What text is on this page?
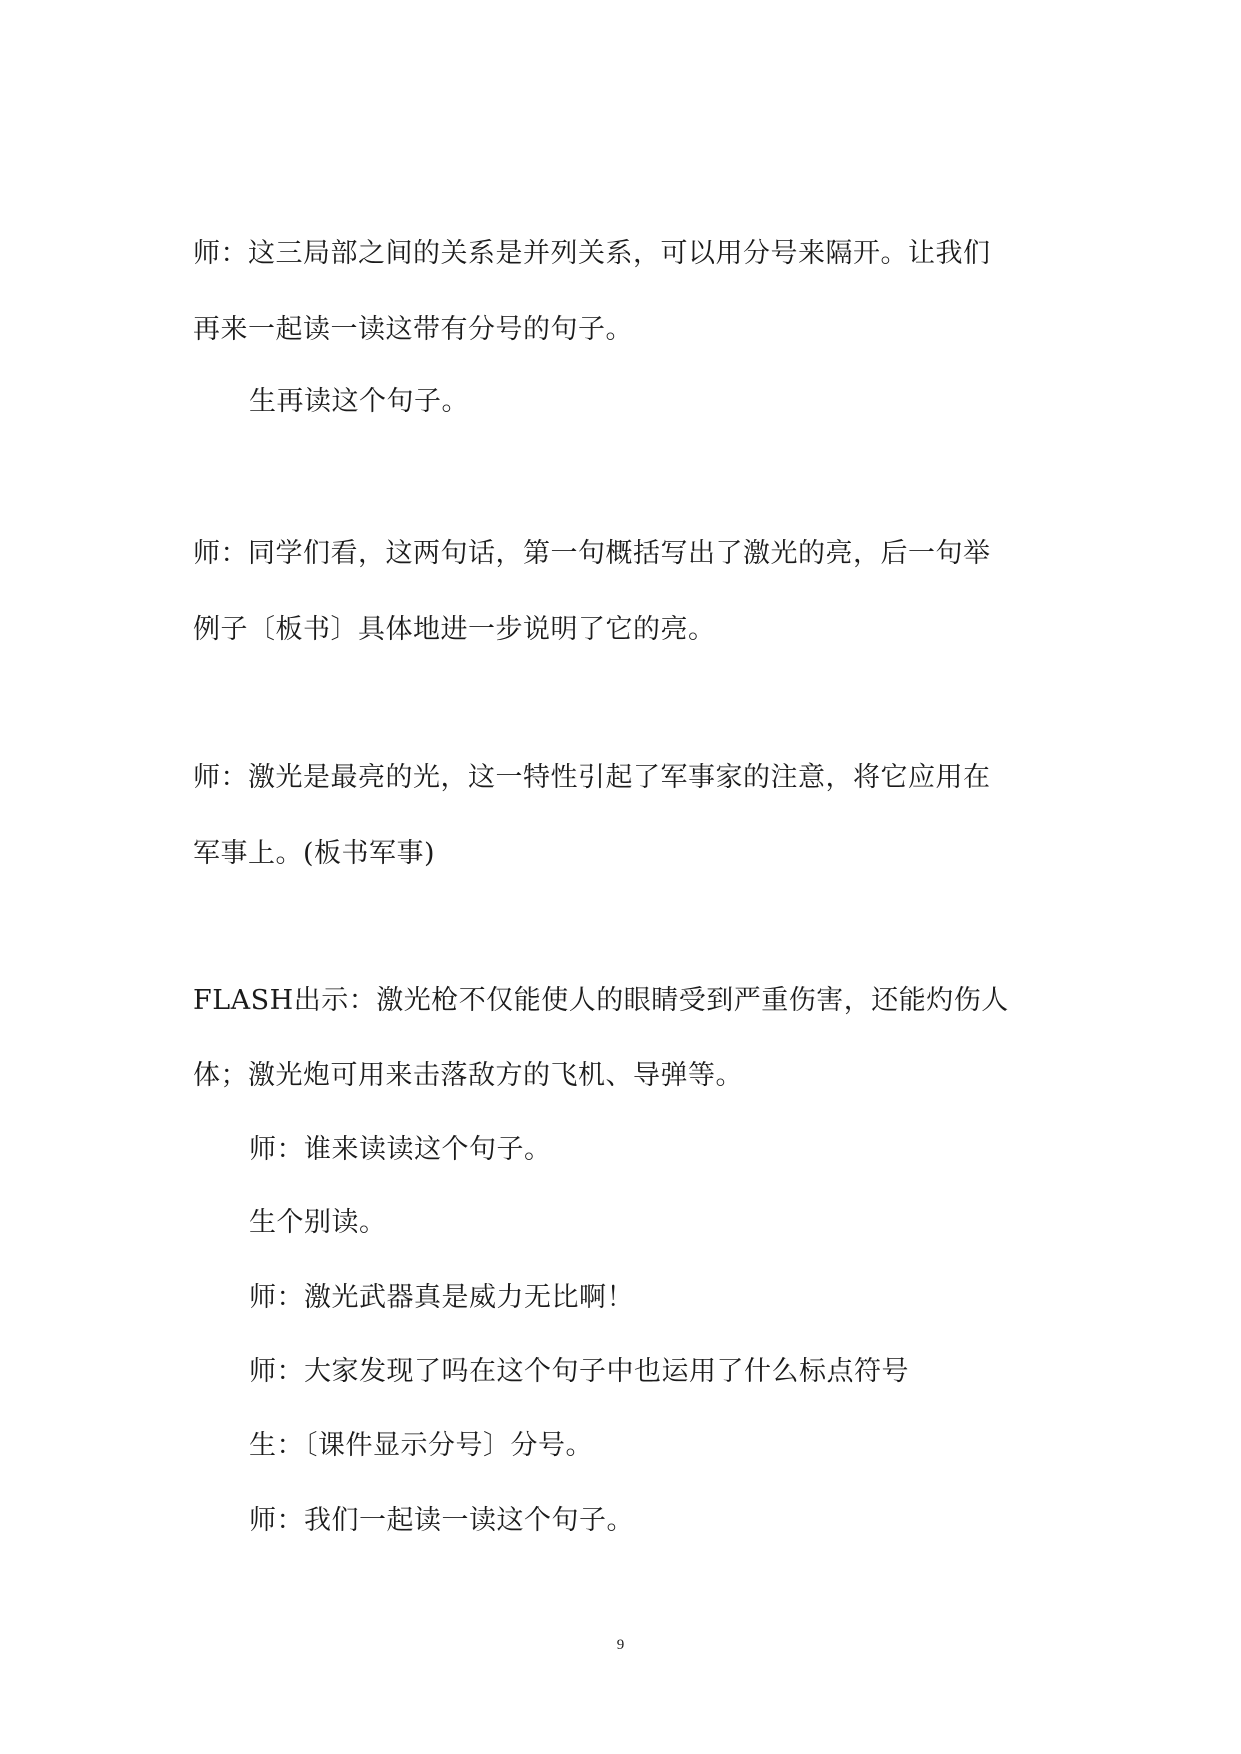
师：这三局部之间的关系是并列关系，可以用分号来隔开。让我们
再来一起读一读这带有分号的句子。
生再读这个句子。
师：同学们看，这两句话，第一句概括写出了激光的亮，后一句举
例子〔板书〕具体地进一步说明了它的亮。
师：激光是最亮的光，这一特性引起了军事家的注意，将它应用在
军事上。(板书军事)
FLASH出示：激光枪不仅能使人的眼睛受到严重伤害，还能灼伤人
体；激光炮可用来击落敌方的飞机、导弹等。
师：谁来读读这个句子。
生个别读。
师：激光武器真是威力无比啊！
师：大家发现了吗在这个句子中也运用了什么标点符号
生：〔课件显示分号〕分号。
师：我们一起读一读这个句子。
9
